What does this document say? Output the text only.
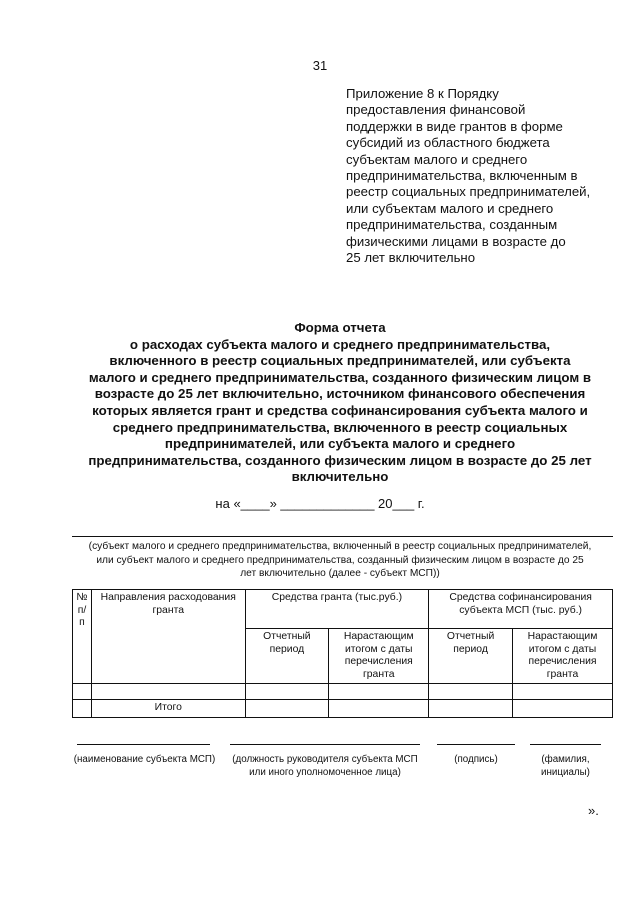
31
Приложение 8 к Порядку
предоставления финансовой
поддержки в виде грантов в форме
субсидий из областного бюджета
субъектам малого и среднего
предпринимательства, включенным в
реестр социальных предпринимателей,
или субъектам малого и среднего
предпринимательства, созданным
физическими лицами в возрасте до
25 лет включительно
Форма отчета
о расходах субъекта малого и среднего предпринимательства,
включенного в реестр социальных предпринимателей, или субъекта
малого и среднего предпринимательства, созданного физическим лицом в
возрасте до 25 лет включительно, источником финансового обеспечения
которых является грант и средства софинансирования субъекта малого и
среднего предпринимательства, включенного в реестр социальных
предпринимателей, или субъекта малого и среднего
предпринимательства, созданного физическим лицом в возрасте до 25 лет
включительно
на «____» _____________ 20___ г.
(субъект малого и среднего предпринимательства, включенный в реестр социальных предпринимателей,
или субъект малого и среднего предпринимательства, созданный физическим лицом в возрасте до 25
лет включительно (далее - субъект МСП))
№ п/п	Направления расходования гранта	Средства гранта (тыс.руб.)		Средства софинансирования субъекта МСП (тыс. руб.)	
		Отчетный период	Нарастающим итогом с даты перечисления гранта	Отчетный период	Нарастающим итогом с даты перечисления гранта

	Итого				
(наименование субъекта МСП)	(должность руководителя субъекта МСП
или иного уполномоченное лица)
(подпись)	(фамилия,
инициалы)
».
